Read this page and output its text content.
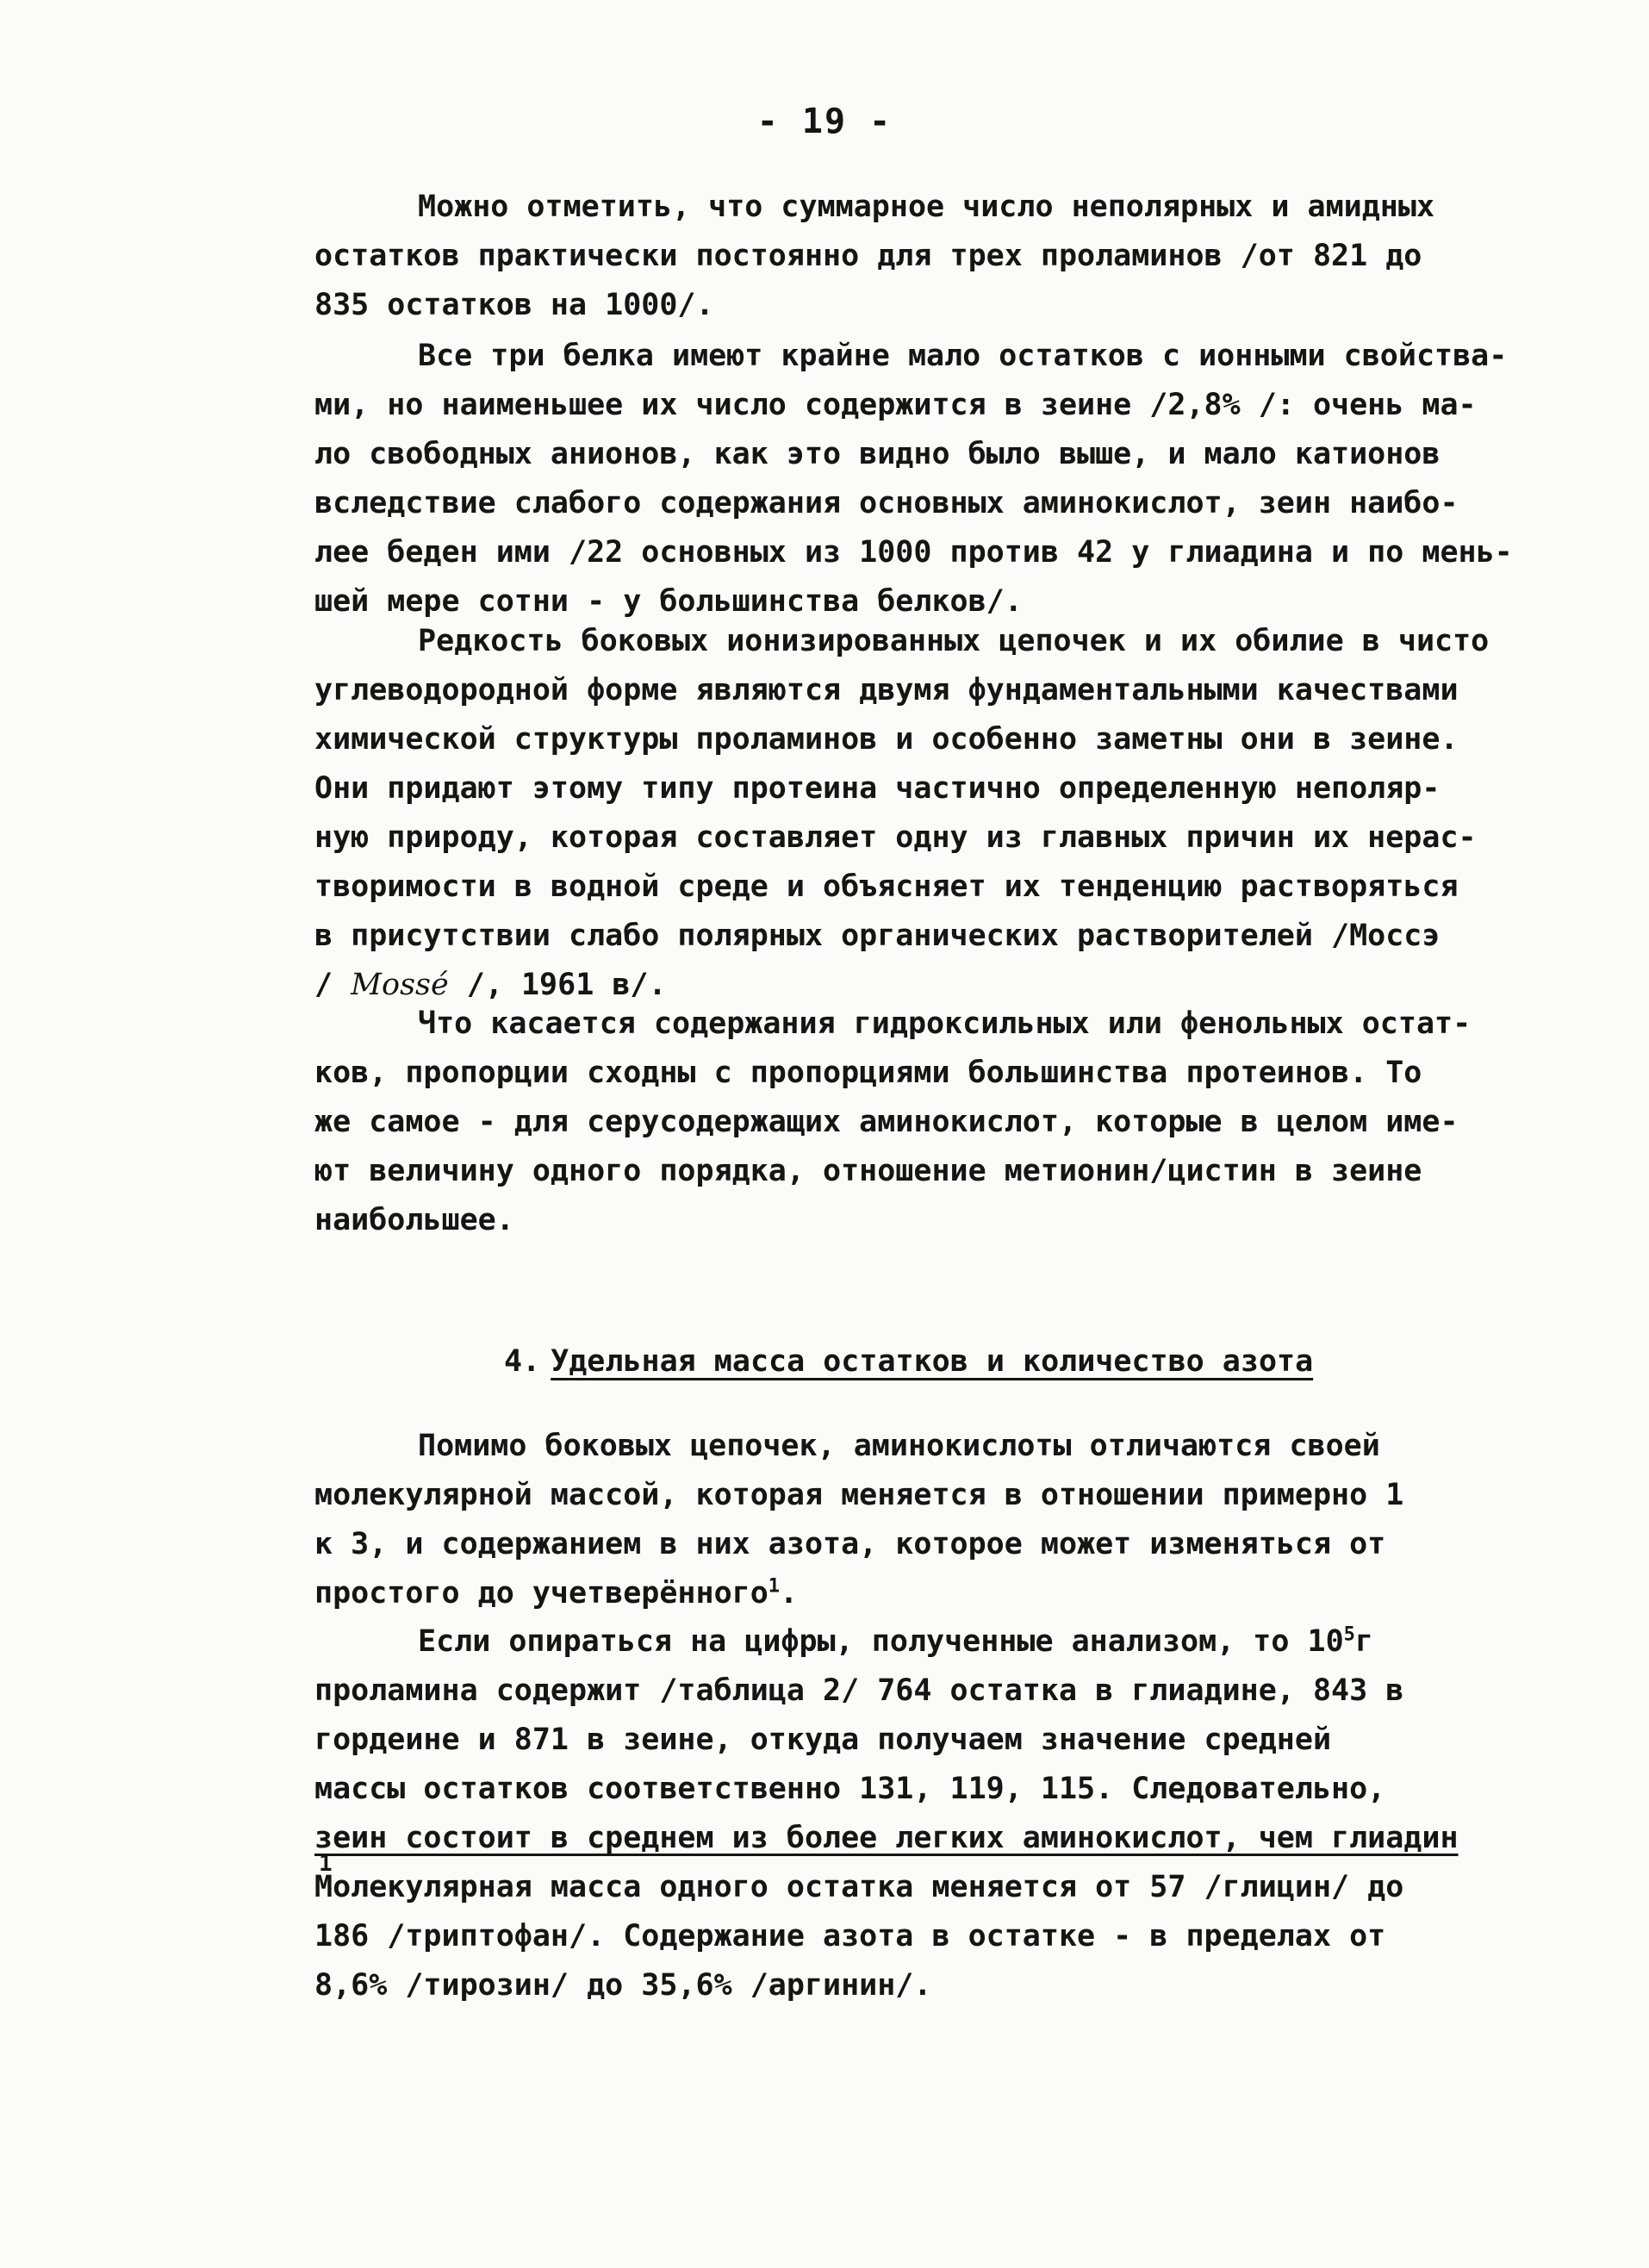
- 19 -
Можно отметить, что суммарное число неполярных и амидных
остатков практически постоянно для трех проламинов /от 821 до
835 остатков на 1000/.
Все три белка имеют крайне мало остатков с ионными свойства-
ми, но наименьшее их число содержится в зеине /2,8% /: очень ма-
ло свободных анионов, как это видно было выше, и мало катионов
вследствие слабого содержания основных аминокислот, зеин наибо-
лее беден ими /22 основных из 1000 против 42 у глиадина и по мень-
шей мере сотни - у большинства белков/.
Редкость боковых ионизированных цепочек и их обилие в чисто
углеводородной форме являются двумя фундаментальными качествами
химической структуры проламинов и особенно заметны они в зеине.
Они придают этому типу протеина частично определенную неполяр-
ную природу, которая составляет одну из главных причин их нерас-
творимости в водной среде и объясняет их тенденцию растворяться
в присутствии слабо полярных органических растворителей /Моссэ
/ Mossé /, 1961 в/.
Что касается содержания гидроксильных или фенольных остат-
ков, пропорции сходны с пропорциями большинства протеинов. То
же самое - для серусодержащих аминокислот, которые в целом име-
ют величину одного порядка, отношение метионин/цистин в зеине
наибольшее.
4. Удельная масса остатков и количество азота
Помимо боковых цепочек, аминокислоты отличаются своей
молекулярной массой, которая меняется в отношении примерно 1
к 3, и содержанием в них азота, которое может изменяться от
простого до учетверённого$^1$.
Если опираться на цифры, полученные анализом, то $10^5г$
проламина содержит /таблица 2/ 764 остатка в глиадине, 843 в
гордеине и 871 в зеине, откуда получаем значение средней
массы остатков соответственно 131, 119, 115. Следовательно,
зеин состоит в среднем из более легких аминокислот, чем глиадин
1
Молекулярная масса одного остатка меняется от 57 /глицин/ до
186 /триптофан/. Содержание азота в остатке - в пределах от
8,6% /тирозин/ до 35,6% /аргинин/.
